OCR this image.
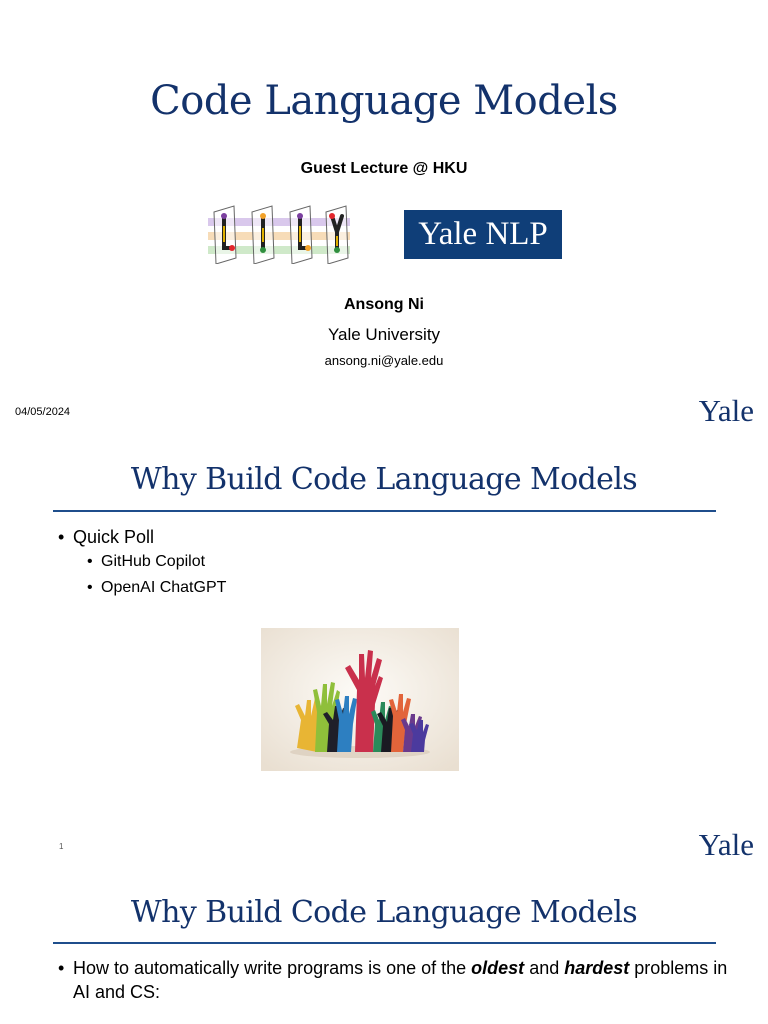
Code Language Models
Guest Lecture @ HKU
Yale NLP
Ansong Ni
Yale University
ansong.ni@yale.edu
04/05/2024	Yale
Why Build Code Language Models
• Quick Poll
• GitHub Copilot
• OpenAI ChatGPT
1	Yale
Why Build Code Language Models
• How to automatically write programs is one of the oldest and hardest problems in AI and CS:
